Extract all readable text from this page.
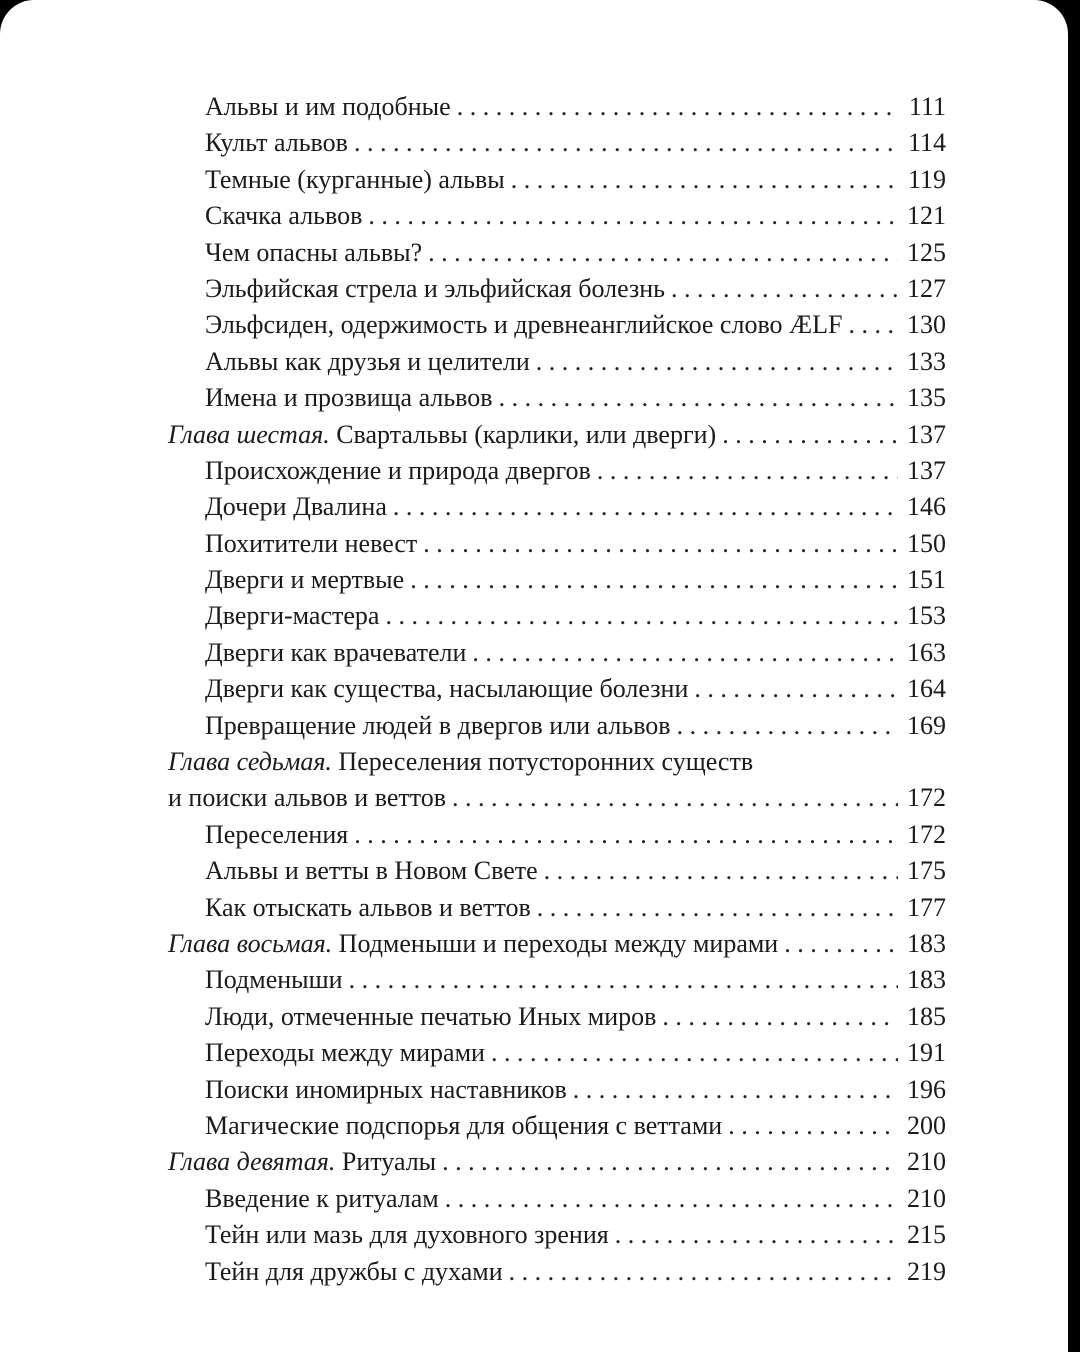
Альвы и им подобные . . .	111
Культ альвов . . .	114
Темные (курганные) альвы . . .	119
Скачка альвов . . .	121
Чем опасны альвы? . . .	125
Эльфийская стрела и эльфийская болезнь . . .	127
Эльфсиден, одержимость и древнеанглийское слово ÆLF . . . 130
Альвы как друзья и целители . . .	133
Имена и прозвища альвов . . .	135
Глава шестая. Свартальвы (карлики, или дверги) . . .	137
Происхождение и природа двергов . . .	137
Дочери Двалина . . .	146
Похитители невест . . .	150
Дверги и мертвые . . .	151
Дверги-мастера . . .	153
Дверги как врачеватели . . .	163
Дверги как существа, насылающие болезни . . .	164
Превращение людей в двергов или альвов . . .	169
Глава седьмая. Переселения потусторонних существ
и поиски альвов и веттов . . .	172
Переселения . . .	172
Альвы и ветты в Новом Свете . . .	175
Как отыскать альвов и веттов . . .	177
Глава восьмая. Подменыши и переходы между мирами . . .	183
Подменыши . . .	183
Люди, отмеченные печатью Иных миров . . .	185
Переходы между мирами . . .	191
Поиски иномирных наставников . . .	196
Магические подспорья для общения с веттами . . .	200
Глава девятая. Ритуалы . . .	210
Введение к ритуалам . . .	210
Тейн или мазь для духовного зрения . . .	215
Тейн для дружбы с духами . . .	219
